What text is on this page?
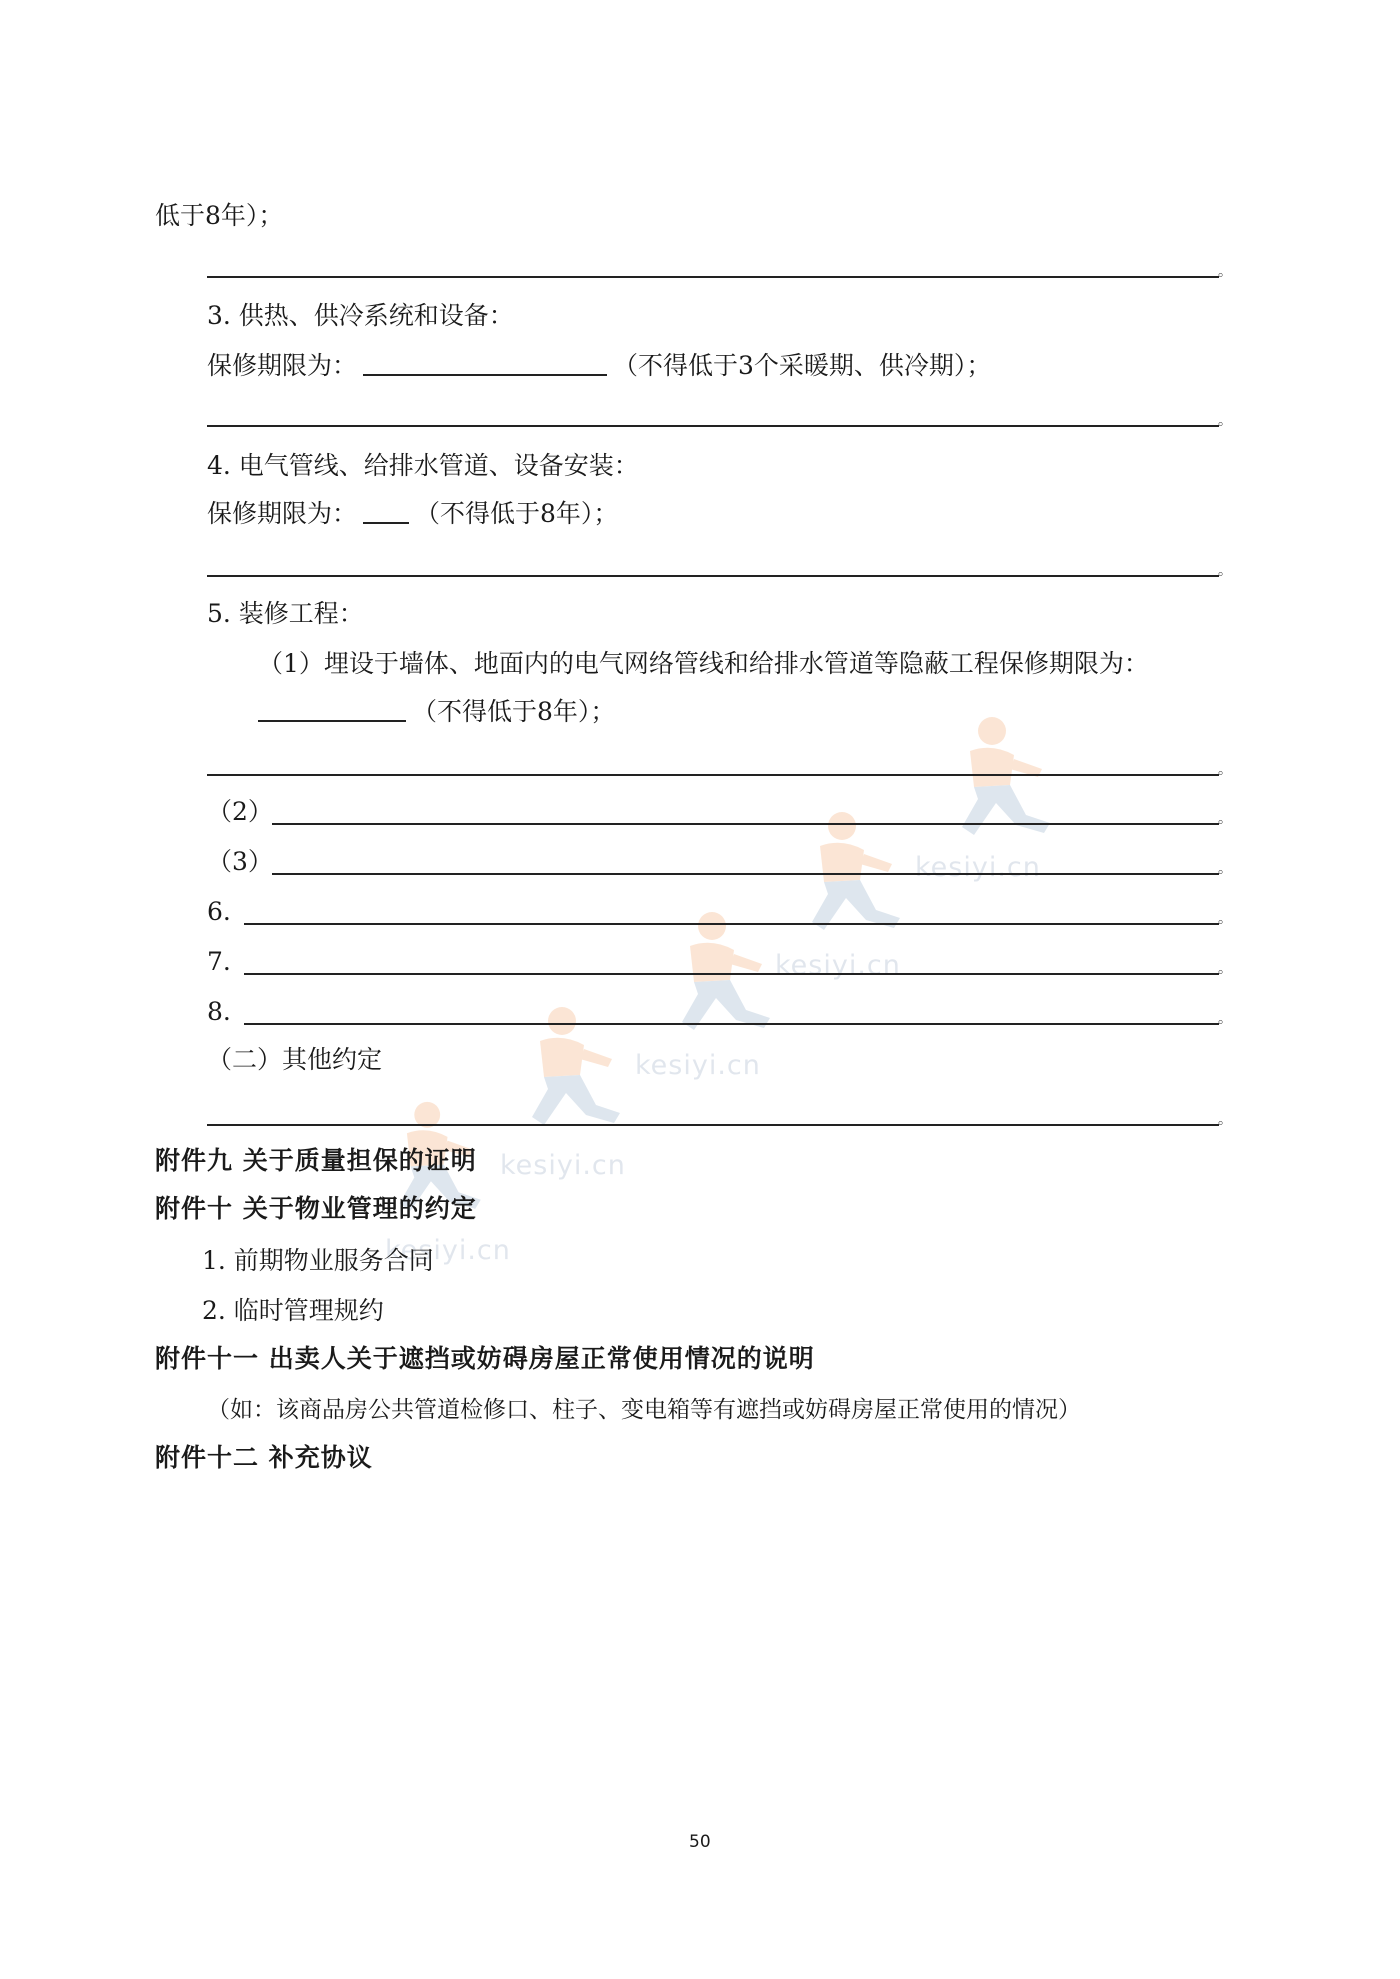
kesiyi.cn
kesiyi.cn
kesiyi.cn
kesiyi.cn
kesiyi.cn
低于8年）；
。
3. 供热、供冷系统和设备：
保修期限为：	（不得低于3个采暖期、供冷期）；
。
4. 电气管线、给排水管道、设备安装：
保修期限为： （不得低于8年）；
。
5. 装修工程：
（1）埋设于墙体、地面内的电气网络管线和给排水管道等隐蔽工程保修期限为：
（不得低于8年）；
。
（2）	。
（3）	。
6.	。
7.	。
8.	。
（二）其他约定
。
附件九 关于质量担保的证明
附件十 关于物业管理的约定
1. 前期物业服务合同
2. 临时管理规约
附件十一 出卖人关于遮挡或妨碍房屋正常使用情况的说明
（如：该商品房公共管道检修口、柱子、变电箱等有遮挡或妨碍房屋正常使用的情况）
附件十二 补充协议
50
